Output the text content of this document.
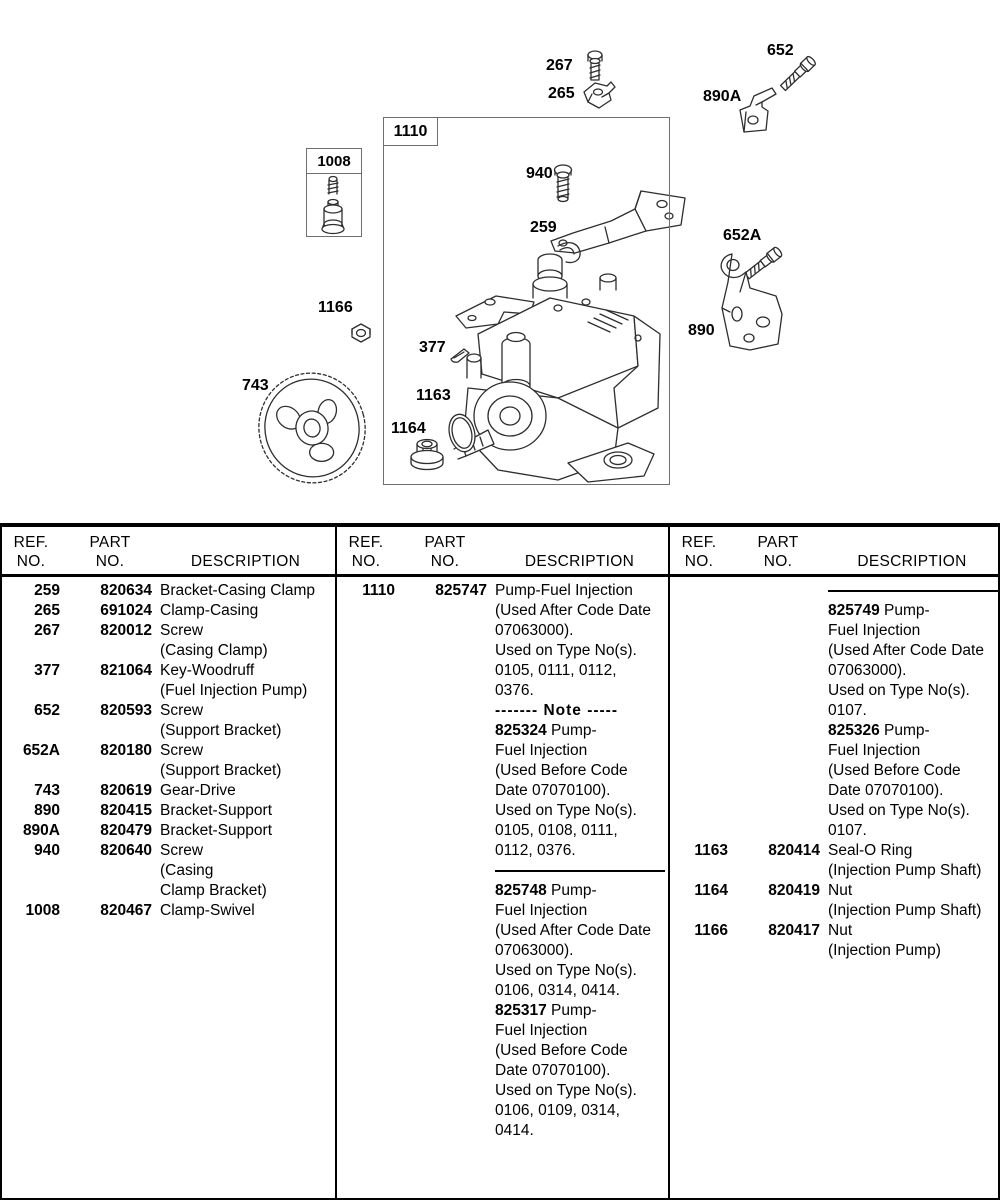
1110
1008
267
265
652
890A
940
259	652A
890
1166
377
743
1163
1164
REF.
NO.
PART
NO.	DESCRIPTION
259	820634 Bracket-Casing Clamp
265	691024 Clamp-Casing
267	820012 Screw
(Casing Clamp)
377	821064 Key-Woodruff
(Fuel Injection Pump)
652	820593 Screw
(Support Bracket)
652A	820180 Screw
(Support Bracket)
743	820619 Gear-Drive
890	820415 Bracket-Support
890A	820479 Bracket-Support
940	820640 Screw
(Casing
Clamp Bracket)
1008	820467 Clamp-Swivel
REF.
NO.
PART
NO.	DESCRIPTION
1110	825747 Pump-Fuel Injection
(Used After Code Date
07063000).
Used on Type No(s).
0105, 0111, 0112,
0376.
------- Note -----
825324 Pump-
Fuel Injection
(Used Before Code
Date 07070100).
Used on Type No(s).
0105, 0108, 0111,
0112, 0376.
825748 Pump-
Fuel Injection
(Used After Code Date
07063000).
Used on Type No(s).
0106, 0314, 0414.
825317 Pump-
Fuel Injection
(Used Before Code
Date 07070100).
Used on Type No(s).
0106, 0109, 0314,
0414.
REF.
NO.
PART
NO.	DESCRIPTION
825749 Pump-
Fuel Injection
(Used After Code Date
07063000).
Used on Type No(s).
0107.
825326 Pump-
Fuel Injection
(Used Before Code
Date 07070100).
Used on Type No(s).
0107.
1163	820414 Seal-O Ring
(Injection Pump Shaft)
1164	820419 Nut
(Injection Pump Shaft)
1166	820417 Nut
(Injection Pump)
